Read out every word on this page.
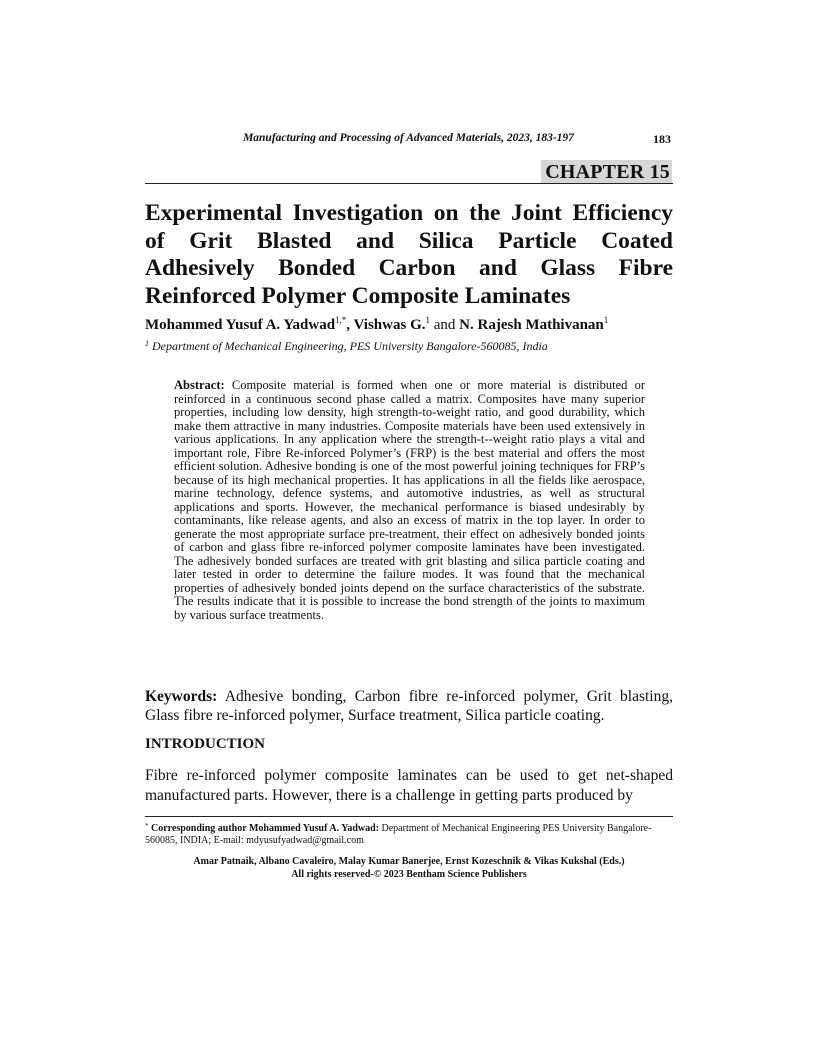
Manufacturing and Processing of Advanced Materials, 2023, 183-197	183
CHAPTER 15
Experimental Investigation on the Joint Efficiency
of Grit Blasted and Silica Particle Coated
Adhesively Bonded Carbon and Glass Fibre
Reinforced Polymer Composite Laminates
Mohammed Yusuf A. Yadwad$^{1,*}$, Vishwas G.$^1$ and N. Rajesh Mathivanan$^1$
$^1$ Department of Mechanical Engineering, PES University Bangalore-560085, India
Abstract: Composite material is formed when one or more material is distributed or reinforced in a continuous second phase called a matrix. Composites have many superior properties, including low density, high strength-to-weight ratio, and good durability, which make them attractive in many industries. Composite materials have been used extensively in various applications. In any application where the strength-t--weight ratio plays a vital and important role, Fibre Re-inforced Polymer’s (FRP) is the best material and offers the most efficient solution. Adhesive bonding is one of the most powerful joining techniques for FRP’s because of its high mechanical properties. It has applications in all the fields like aerospace, marine technology, defence systems, and automotive industries, as well as structural applications and sports. However, the mechanical performance is biased undesirably by contaminants, like release agents, and also an excess of matrix in the top layer. In order to generate the most appropriate surface pre-treatment, their effect on adhesively bonded joints of carbon and glass fibre re-inforced polymer composite laminates have been investigated. The adhesively bonded surfaces are treated with grit blasting and silica particle coating and later tested in order to determine the failure modes. It was found that the mechanical properties of adhesively bonded joints depend on the surface characteristics of the substrate. The results indicate that it is possible to increase the bond strength of the joints to maximum by various surface treatments.
Keywords: Adhesive bonding, Carbon fibre re-inforced polymer, Grit blasting, Glass fibre re-inforced polymer, Surface treatment, Silica particle coating.
INTRODUCTION
Fibre re-inforced polymer composite laminates can be used to get net-shaped manufactured parts. However, there is a challenge in getting parts produced by
* Corresponding author Mohammed Yusuf A. Yadwad: Department of Mechanical Engineering PES University Bangalore-560085, INDIA; E-mail: mdyusufyadwad@gmail.com
Amar Patnaik, Albano Cavaleiro, Malay Kumar Banerjee, Ernst Kozeschnik & Vikas Kukshal (Eds.)
All rights reserved-© 2023 Bentham Science Publishers
